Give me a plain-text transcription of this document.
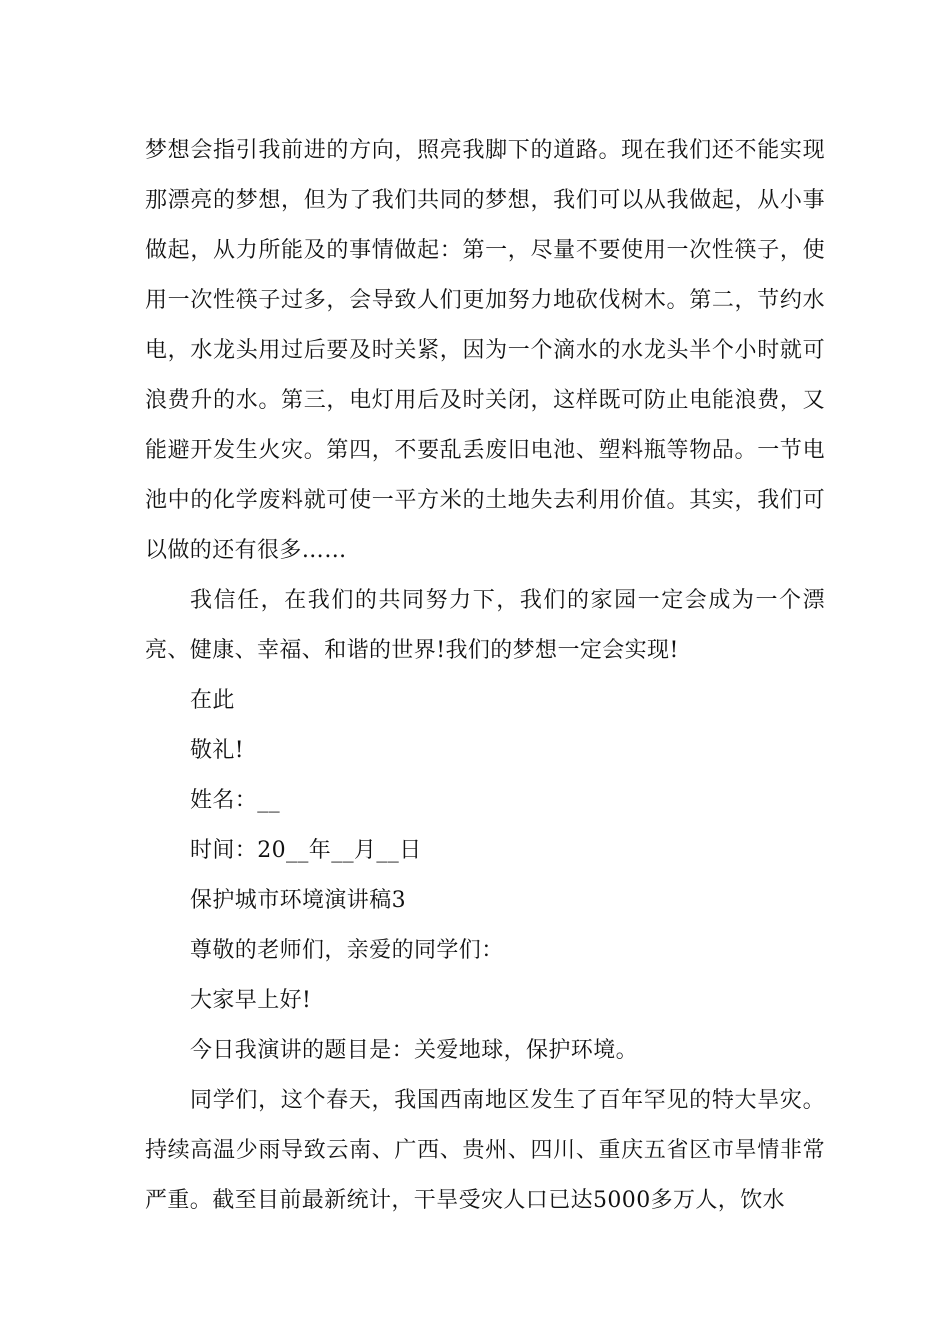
梦想会指引我前进的方向，照亮我脚下的道路。现在我们还不能实现那漂亮的梦想，但为了我们共同的梦想，我们可以从我做起，从小事做起，从力所能及的事情做起：第一，尽量不要使用一次性筷子，使用一次性筷子过多，会导致人们更加努力地砍伐树木。第二，节约水电，水龙头用过后要及时关紧，因为一个滴水的水龙头半个小时就可浪费升的水。第三，电灯用后及时关闭，这样既可防止电能浪费，又能避开发生火灾。第四，不要乱丢废旧电池、塑料瓶等物品。一节电池中的化学废料就可使一平方米的土地失去利用价值。其实，我们可以做的还有很多……

我信任，在我们的共同努力下，我们的家园一定会成为一个漂亮、健康、幸福、和谐的世界!我们的梦想一定会实现!

在此

敬礼!

姓名：__

时间：20__年__月__日

保护城市环境演讲稿3

尊敬的老师们，亲爱的同学们：

大家早上好!

今日我演讲的题目是：关爱地球，保护环境。

同学们，这个春天，我国西南地区发生了百年罕见的特大旱灾。持续高温少雨导致云南、广西、贵州、四川、重庆五省区市旱情非常严重。截至目前最新统计，干旱受灾人口已达5000多万人，饮水
